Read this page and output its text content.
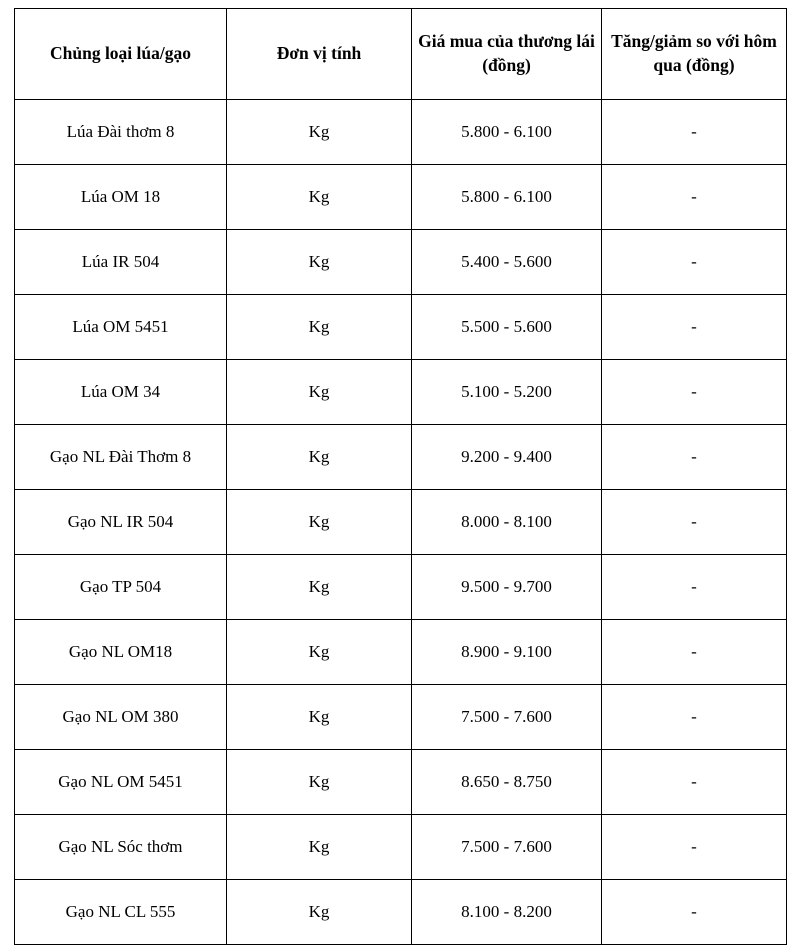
Chủng loại lúa/gạo	Đơn vị tính	Giá mua của thương lái (đồng)	Tăng/giảm so với hôm qua (đồng)
Lúa Đài thơm 8	Kg	5.800 - 6.100	-
Lúa OM 18	Kg	5.800 - 6.100	-
Lúa IR 504	Kg	5.400 - 5.600	-
Lúa OM 5451	Kg	5.500 - 5.600	-
Lúa OM 34	Kg	5.100 - 5.200	-
Gạo NL Đài Thơm 8	Kg	9.200 - 9.400	-
Gạo NL IR 504	Kg	8.000 - 8.100	-
Gạo TP 504	Kg	9.500 - 9.700	-
Gạo NL OM18	Kg	8.900 - 9.100	-
Gạo NL OM 380	Kg	7.500 - 7.600	-
Gạo NL OM 5451	Kg	8.650 - 8.750	-
Gạo NL Sóc thơm	Kg	7.500 - 7.600	-
Gạo NL CL 555	Kg	8.100 - 8.200	-
